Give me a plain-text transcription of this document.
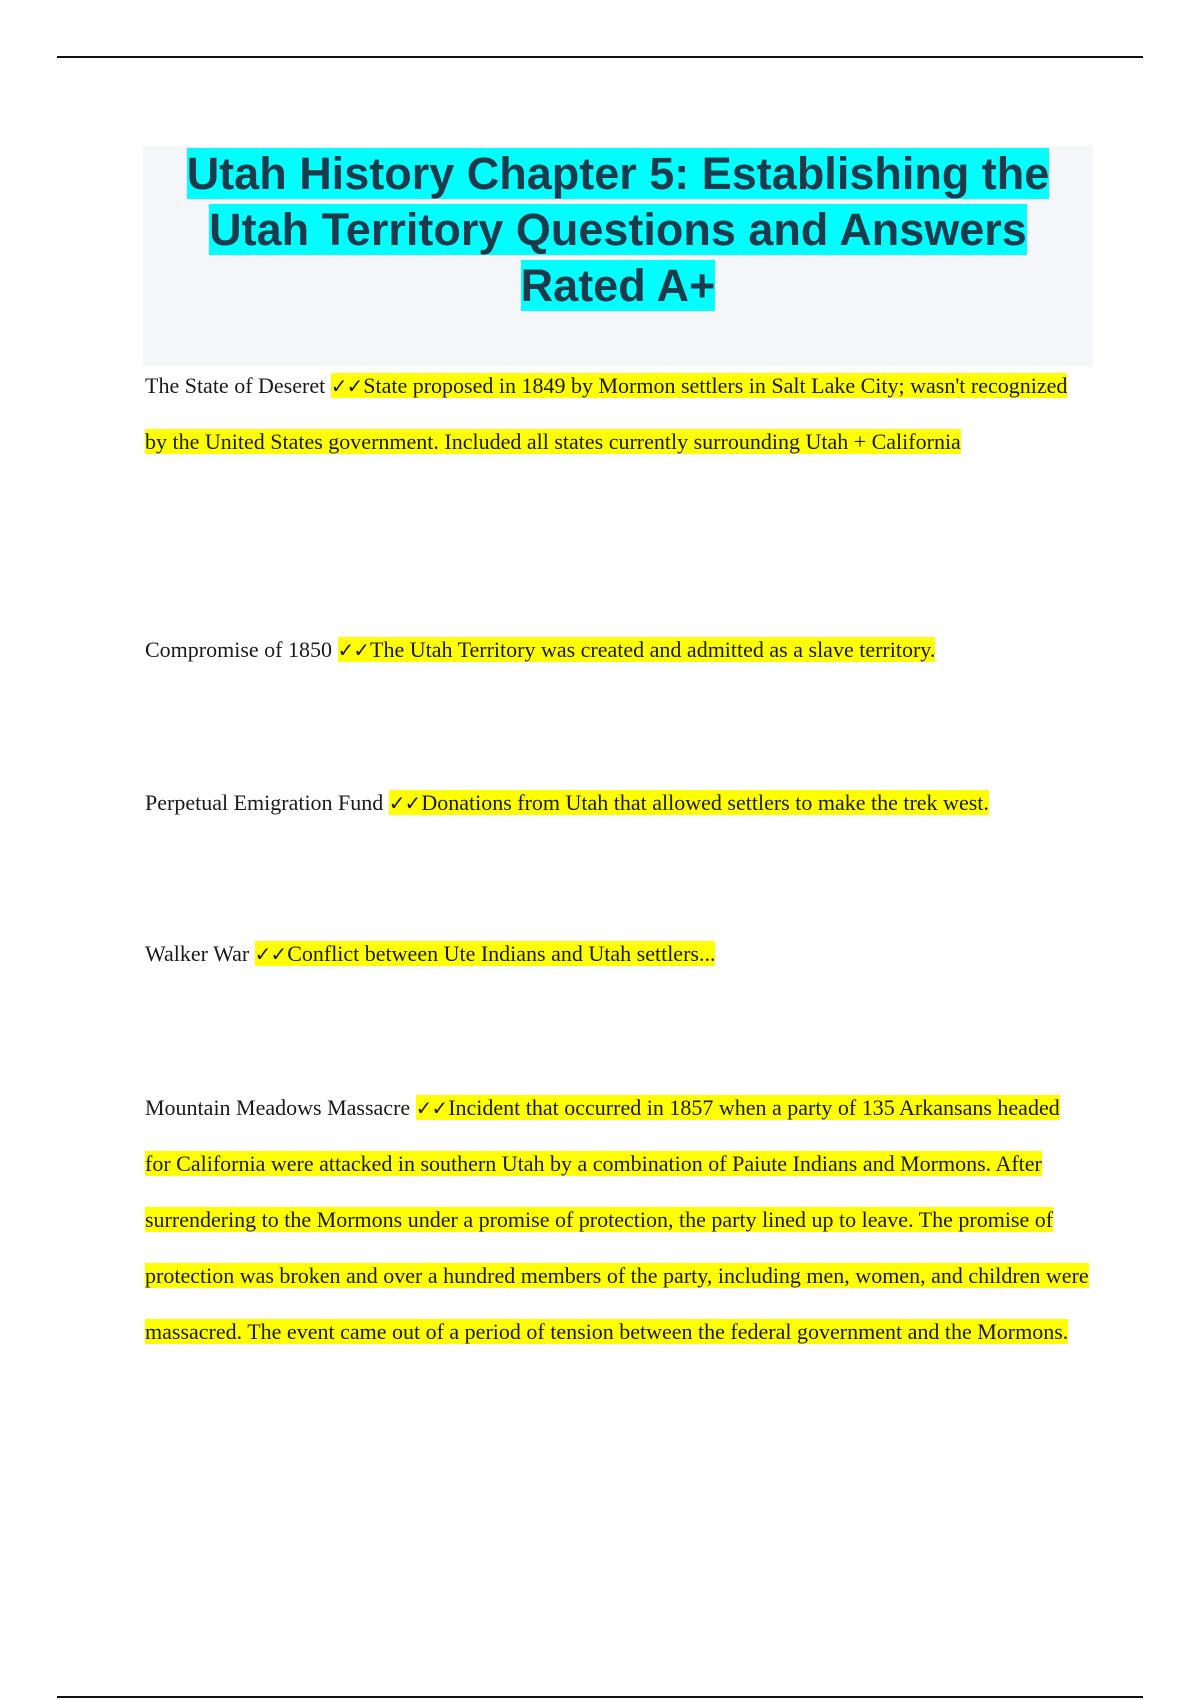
Utah History Chapter 5: Establishing the Utah Territory Questions and Answers Rated A+

The State of Deseret ✓✓State proposed in 1849 by Mormon settlers in Salt Lake City; wasn't recognized by the United States government. Included all states currently surrounding Utah + California

Compromise of 1850 ✓✓The Utah Territory was created and admitted as a slave territory.

Perpetual Emigration Fund ✓✓Donations from Utah that allowed settlers to make the trek west.

Walker War ✓✓Conflict between Ute Indians and Utah settlers...

Mountain Meadows Massacre ✓✓Incident that occurred in 1857 when a party of 135 Arkansans headed for California were attacked in southern Utah by a combination of Paiute Indians and Mormons. After surrendering to the Mormons under a promise of protection, the party lined up to leave. The promise of protection was broken and over a hundred members of the party, including men, women, and children were massacred. The event came out of a period of tension between the federal government and the Mormons.
